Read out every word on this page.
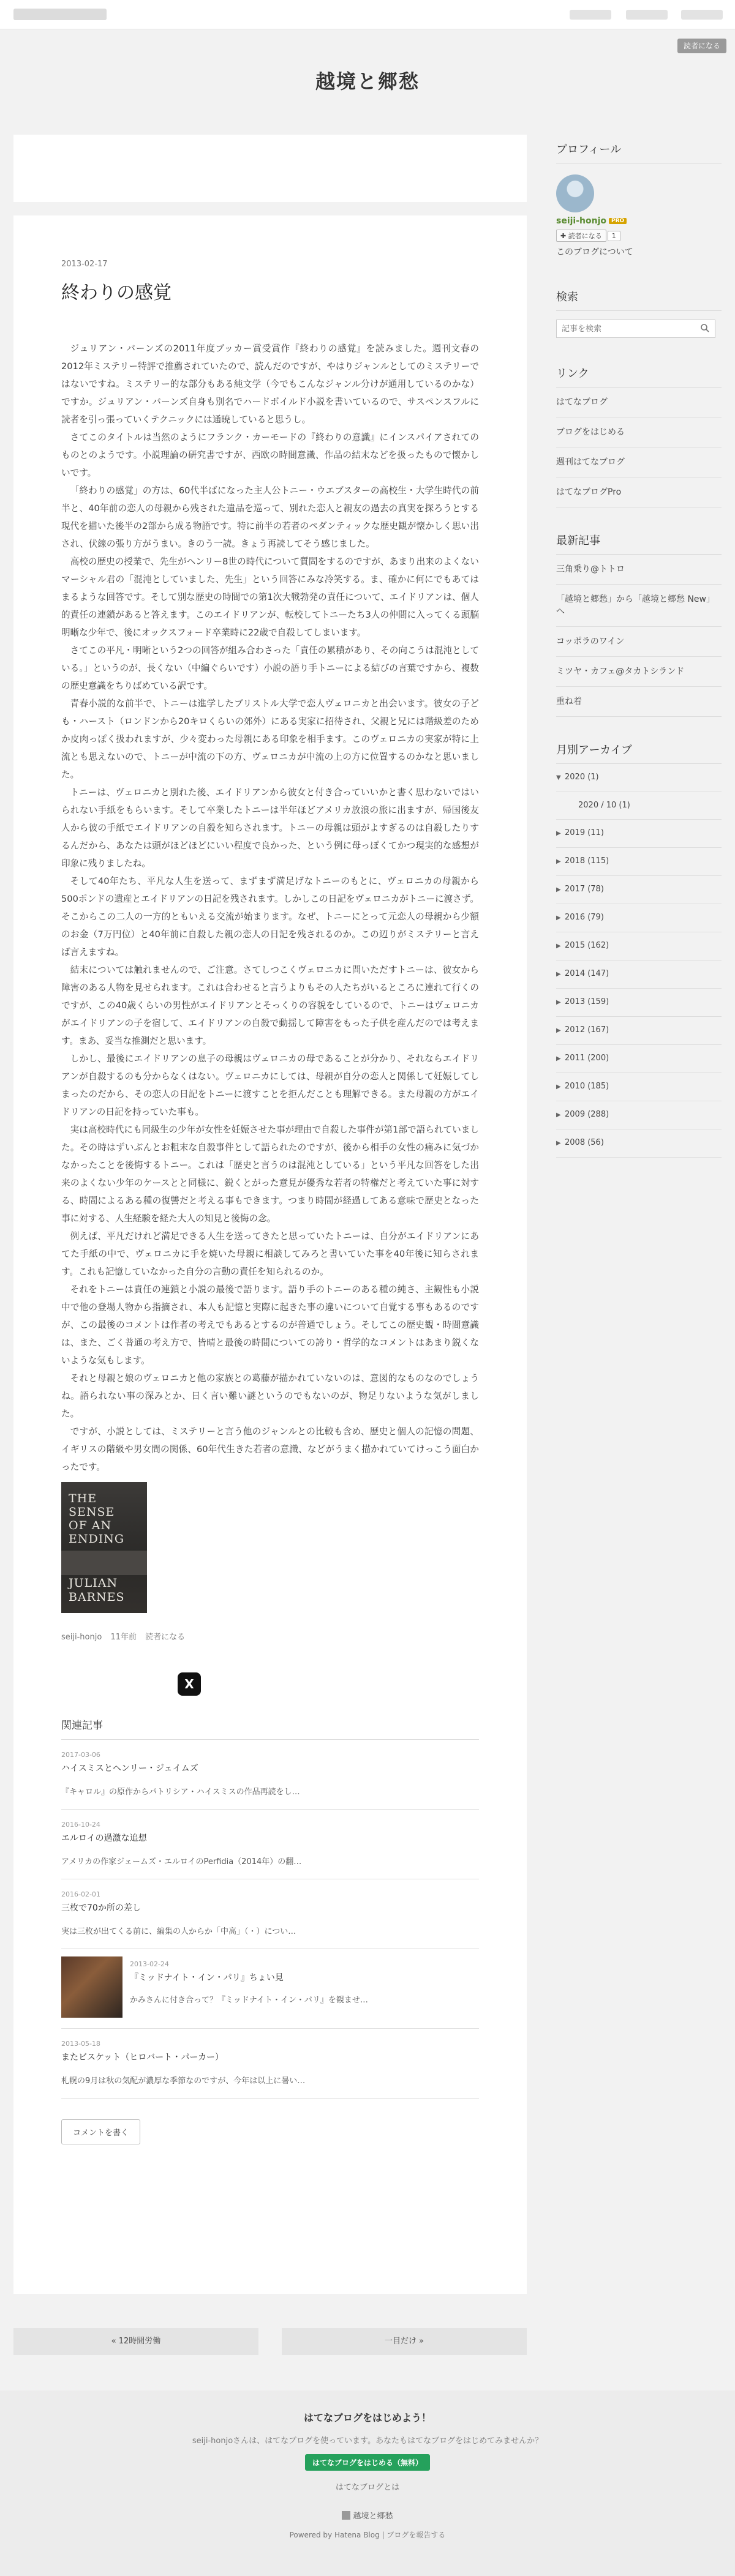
読者になる
越境と郷愁
2013-02-17
終わりの感覚

ジュリアン・バーンズの2011年度ブッカー賞受賞作『終わりの感覚』を読みました。週刊文春の2012年ミステリー特評で推薦されていたので、読んだのですが、やはりジャンルとしてのミステリーではないですね。ミステリー的な部分もある純文学（今でもこんなジャンル分けが通用しているのかな）ですか。ジュリアン・バーンズ自身も別名でハードボイルド小説を書いているので、サスペンスフルに読者を引っ張っていくテクニックには通暁していると思うし。

さてこのタイトルは当然のようにフランク・カーモードの『終わりの意識』にインスパイアされてのものとのようです。小説理論の研究書ですが、西欧の時間意識、作品の結末などを扱ったもので懐かしいです。

「終わりの感覚」の方は、60代半ばになった主人公トニー・ウエブスターの高校生・大学生時代の前半と、40年前の恋人の母親から残された遺品を巡って、別れた恋人と親友の過去の真実を探ろうとする現代を描いた後半の2部から成る物語です。特に前半の若者のペダンティックな歴史観が懐かしく思い出され、伏線の張り方がうまい。きのう一読。きょう再読してそう感じました。

高校の歴史の授業で、先生がヘンリー8世の時代について質問をするのですが、あまり出来のよくないマーシャル君の「混沌としていました、先生」という回答にみな冷笑する。ま、確かに何にでもあてはまるような回答です。そして別な歴史の時間での第1次大戦勃発の責任について、エイドリアンは、個人的責任の連鎖があると答えます。このエイドリアンが、転校してトニーたち3人の仲間に入ってくる頭脳明晰な少年で、後にオックスフォード卒業時に22歳で自殺してしまいます。

さてこの平凡・明晰という2つの回答が組み合わさった「責任の累積があり、その向こうは混沌としている。」というのが、長くない（中編ぐらいです）小説の語り手トニーによる結びの言葉ですから、複数の歴史意識をちりばめている訳です。

青春小説的な前半で、トニーは進学したブリストル大学で恋人ヴェロニカと出会います。彼女の子ども・ハースト（ロンドンから20キロくらいの郊外）にある実家に招待され、父親と兄には階級差のためか皮肉っぽく扱われますが、少々変わった母親にある印象を相手ます。このヴェロニカの実家が特に上流とも思えないので、トニーが中流の下の方、ヴェロニカが中流の上の方に位置するのかなと思いました。

トニーは、ヴェロニカと別れた後、エイドリアンから彼女と付き合っていいかと書く思わないではいられない手紙をもらいます。そして卒業したトニーは半年ほどアメリカ放浪の旅に出ますが、帰国後友人から彼の手紙でエイドリアンの自殺を知らされます。トニーの母親は頭がよすぎるのは自殺したりするんだから、あなたは頭がほどほどにいい程度で良かった、という例に母っぽくてかつ現実的な感想が印象に残りましたね。

そして40年たち、平凡な人生を送って、まずまず満足げなトニーのもとに、ヴェロニカの母親から500ポンドの遺産とエイドリアンの日記を残されます。しかしこの日記をヴェロニカがトニーに渡さず。そこからこの二人の一方的ともいえる交流が始まります。なぜ、トニーにとって元恋人の母親から少額のお金（7万円位）と40年前に自殺した親の恋人の日記を残されるのか。この辺りがミステリーと言えば言えますね。

結末については触れませんので、ご注意。さてしつこくヴェロニカに問いただすトニーは、彼女から障害のある人物を見せられます。これは合わせると言うよりもその人たちがいるところに連れて行くのですが、この40歳くらいの男性がエイドリアンとそっくりの容貌をしているので、トニーはヴェロニカがエイドリアンの子を宿して、エイドリアンの自殺で動揺して障害をもった子供を産んだのでは考えます。まあ、妥当な推測だと思います。

しかし、最後にエイドリアンの息子の母親はヴェロニカの母であることが分かり、それならエイドリアンが自殺するのも分からなくはない。ヴェロニカにしては、母親が自分の恋人と関係して妊娠してしまったのだから、その恋人の日記をトニーに渡すことを拒んだことも理解できる。また母親の方がエイドリアンの日記を持っていた事も。

実は高校時代にも同級生の少年が女性を妊娠させた事が理由で自殺した事件が第1部で語られていました。その時はずいぶんとお粗末な自殺事件として語られたのですが、後から相手の女性の痛みに気づかなかったことを後悔するトニー。これは「歴史と言うのは混沌としている」という平凡な回答をした出来のよくない少年のケースとと同様に、鋭くとがった意見が優秀な若者の特権だと考えていた事に対する、時間によるある種の復讐だと考える事もできます。つまり時間が経過してある意味で歴史となった事に対する、人生経験を経た大人の知見と後悔の念。

例えば、平凡だけれど満足できる人生を送ってきたと思っていたトニーは、自分がエイドリアンにあてた手紙の中で、ヴェロニカに手を焼いた母親に相談してみろと書いていた事を40年後に知らされます。これも記憶していなかった自分の言動の責任を知られるのか。

それをトニーは責任の連鎖と小説の最後で語ります。語り手のトニーのある種の純さ、主観性も小説中で他の登場人物から指摘され、本人も記憶と実際に起きた事の違いについて自覚する事もあるのですが、この最後のコメントは作者の考えでもあるとするのが普通でしょう。そしてこの歴史観・時間意識は、また、ごく普通の考え方で、皆晴と最後の時間についての誇り・哲学的なコメントはあまり鋭くないような気もします。

それと母親と娘のヴェロニカと他の家族との葛藤が描かれていないのは、意図的なものなのでしょうね。語られない事の深みとか、日く言い難い謎というのでもないのが、物足りないような気がしました。

ですが、小説としては、ミステリーと言う他のジャンルとの比較も含め、歴史と個人の記憶の問題、イギリスの階級や男女間の関係、60年代生きた若者の意識、などがうまく描かれていてけっこう面白かったです。

THE
SENSE
OF AN
ENDING
JULIAN
BARNES
seiji-honjo 11年前 読者になる
X
関連記事
2017-03-06
ハイスミスとヘンリー・ジェイムズ
『キャロル』の原作からパトリシア・ハイスミスの作品再読をし…
2016-10-24
エルロイの過激な追想
アメリカの作家ジェームズ・エルロイのPerfidia（2014年）の翻…
2016-02-01
三枚で70か所の差し
実は三枚が出てくる前に、編集の人からか「中高」（・）につい…
2013-02-24
『ミッドナイト・イン・パリ』ちょい見
かみさんに付き合って？『ミッドナイト・イン・パリ』を観ませ…
2013-05-18
またビスケット（ヒロバート・パーカー）
札幌の9月は秋の気配が濃厚な季節なのですが、今年は以上に暑い…
コメントを書く
« 12時間労働	一目だけ »
プロフィール
seiji-honjo PRO
✚ 読者になる 1
このブログについて
検索
記事を検索
リンク
はてなブログ
ブログをはじめる
週刊はてなブログ
はてなブログPro
最新記事
三角乗り@トトロ
「越境と郷愁」から「越境と郷愁 New」へ
コッポラのワイン
ミツヤ・カフェ@タカトシランド
重ね着
月別アーカイブ
▼ 2020 (1)
2020 / 10 (1)
▶ 2019 (11)
▶ 2018 (115)
▶ 2017 (78)
▶ 2016 (79)
▶ 2015 (162)
▶ 2014 (147)
▶ 2013 (159)
▶ 2012 (167)
▶ 2011 (200)
▶ 2010 (185)
▶ 2009 (288)
▶ 2008 (56)
はてなブログをはじめよう！
seiji-honjoさんは、はてなブログを使っています。あなたもはてなブログをはじめてみませんか？
はてなブログをはじめる（無料）
はてなブログとは
越境と郷愁
Powered by Hatena Blog | ブログを報告する
